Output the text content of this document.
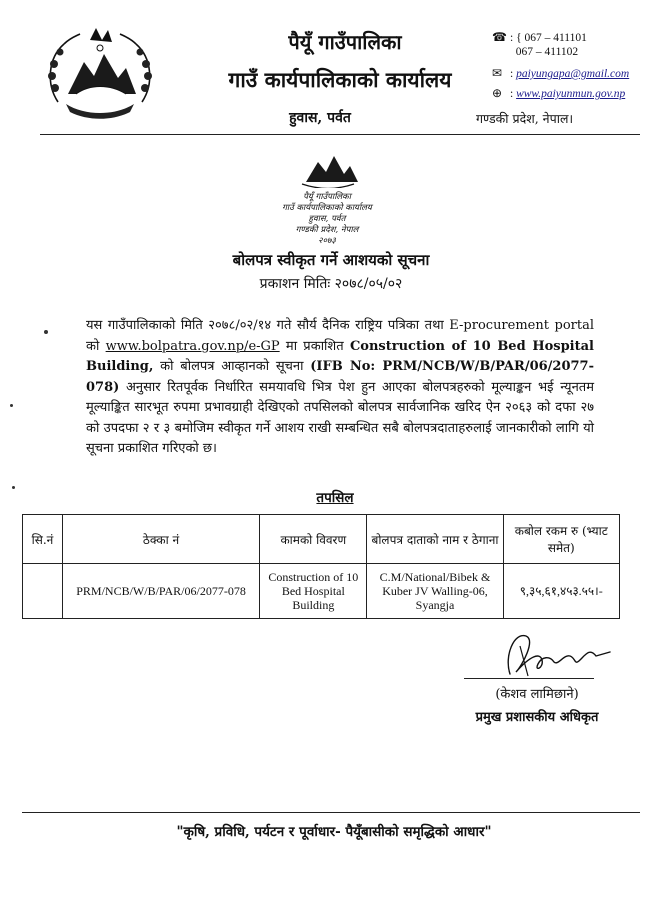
पैयूँ गाउँपालिका
गाउँ कार्यपालिकाको कार्यालय
हुवास, पर्वत
☎ : { 067 – 411101
067 – 411102
✉ : paiyungapa@gmail.com
⊕ : www.paiyunmun.gov.np
गण्डकी प्रदेश, नेपाल।
पैयूँ गाउँपालिका
गाउँ कार्यपालिकाको कार्यालय
हुवास, पर्वत
गण्डकी प्रदेश, नेपाल
२०७३
बोलपत्र स्वीकृत गर्ने आशयको सूचना
प्रकाशन मितिः २०७८/०५/०२
यस गाउँपालिकाको मिति २०७८/०२/१४ गते सौर्य दैनिक राष्ट्रिय पत्रिका तथा E-procurement portal को www.bolpatra.gov.np/e-GP मा प्रकाशित Construction of 10 Bed Hospital Building, को बोलपत्र आव्हानको सूचना (IFB No: PRM/NCB/W/B/PAR/06/2077-078) अनुसार रितपूर्वक निर्धारित समयावधि भित्र पेश हुन आएका बोलपत्रहरुको मूल्याङ्कन भई न्यूनतम मूल्याङ्कित सारभूत रुपमा प्रभावग्राही देखिएको तपसिलको बोलपत्र सार्वजानिक खरिद ऐन २०६३ को दफा २७ को उपदफा २ र ३ बमोजिम स्वीकृत गर्ने आशय राखी सम्बन्धित सबै बोलपत्रदाताहरुलाई जानकारीको लागि यो सूचना प्रकाशित गरिएको छ।
तपसिल
सि.नं	ठेक्का नं	कामको विवरण	बोलपत्र दाताको नाम र ठेगाना	कबोल रकम रु (भ्याट समेत)
	PRM/NCB/W/B/PAR/06/2077-078	Construction of 10 Bed Hospital Building	C.M/National/Bibek & Kuber JV Walling-06, Syangja	९,३५,६१,४५३.५५।-
(केशव लामिछाने)
प्रमुख प्रशासकीय अधिकृत
"कृषि, प्रविधि, पर्यटन र पूर्वाधार- पैयूँबासीको समृद्धिको आधार"
